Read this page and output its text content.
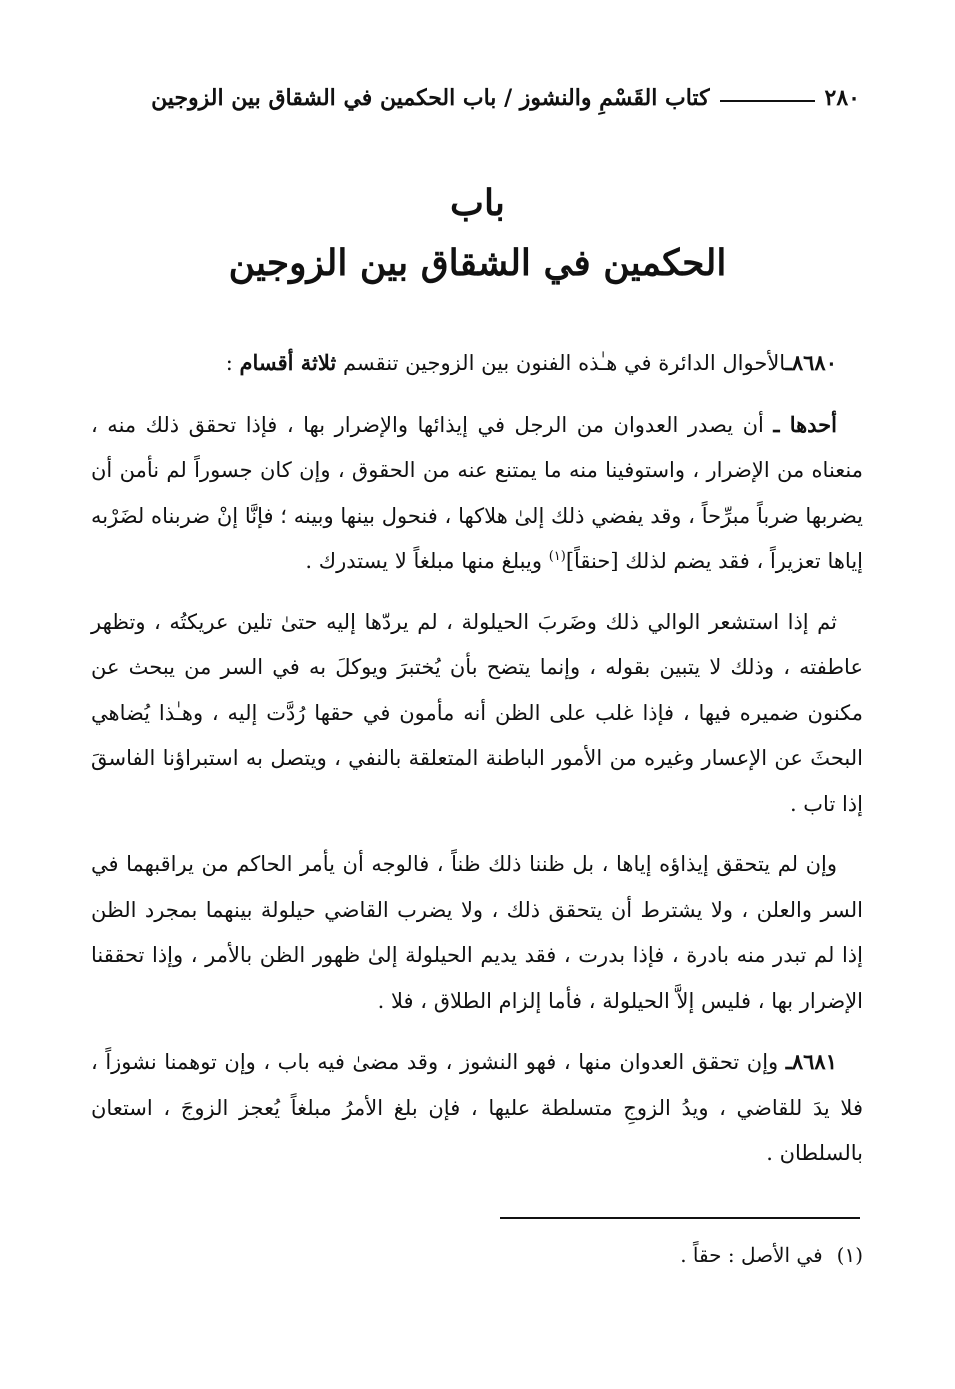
٢٨٠
كتاب القَسْمِ والنشوز / باب الحكمين في الشقاق بين الزوجين
باب
الحكمين في الشقاق بين الزوجين

٨٦٨٠ـالأحوال الدائرة في هـٰذه الفنون بين الزوجين تنقسم ثلاثة أقسام :

أحدها ـ أن يصدر العدوان من الرجل في إيذائها والإضرار بها ، فإذا تحقق ذلك منه ، منعناه من الإضرار ، واستوفينا منه ما يمتنع عنه من الحقوق ، وإن كان جسوراً لم نأمن أن يضربها ضرباً مبرِّحاً ، وقد يفضي ذلك إلىٰ هلاكها ، فنحول بينها وبينه ؛ فإنَّا إنْ ضربناه لضَرْبه إياها تعزيراً ، فقد يضم لذلك [حنقاً]$^{(١)}$ ويبلغ منها مبلغاً لا يستدرك .

ثم إذا استشعر الوالي ذلك وضَربَ الحيلولة ، لم يردّها إليه حتىٰ تلين عريكتُه ، وتظهر عاطفته ، وذلك لا يتبين بقوله ، وإنما يتضح بأن يُختبرَ ويوكلَ به في السر من يبحث عن مكنون ضميره فيها ، فإذا غلب على الظن أنه مأمون في حقها رُدَّت إليه ، وهـٰذا يُضاهي البحثَ عن الإعسار وغيره من الأمور الباطنة المتعلقة بالنفي ، ويتصل به استبراؤنا الفاسقَ إذا تاب .

وإن لم يتحقق إيذاؤه إياها ، بل ظننا ذلك ظناً ، فالوجه أن يأمر الحاكم من يراقبهما في السر والعلن ، ولا يشترط أن يتحقق ذلك ، ولا يضرب القاضي حيلولة بينهما بمجرد الظن إذا لم تبدر منه بادرة ، فإذا بدرت ، فقد يديم الحيلولة إلىٰ ظهور الظن بالأمر ، وإذا تحققنا الإضرار بها ، فليس إلاَّ الحيلولة ، فأما إلزام الطلاق ، فلا .

٨٦٨١ـ وإن تحقق العدوان منها ، فهو النشوز ، وقد مضىٰ فيه باب ، وإن توهمنا نشوزاً ، فلا يدَ للقاضي ، ويدُ الزوجِ متسلطة عليها ، فإن بلغ الأمرُ مبلغاً يُعجز الزوجَ ، استعان بالسلطان .

(١)في الأصل : حقاً .
